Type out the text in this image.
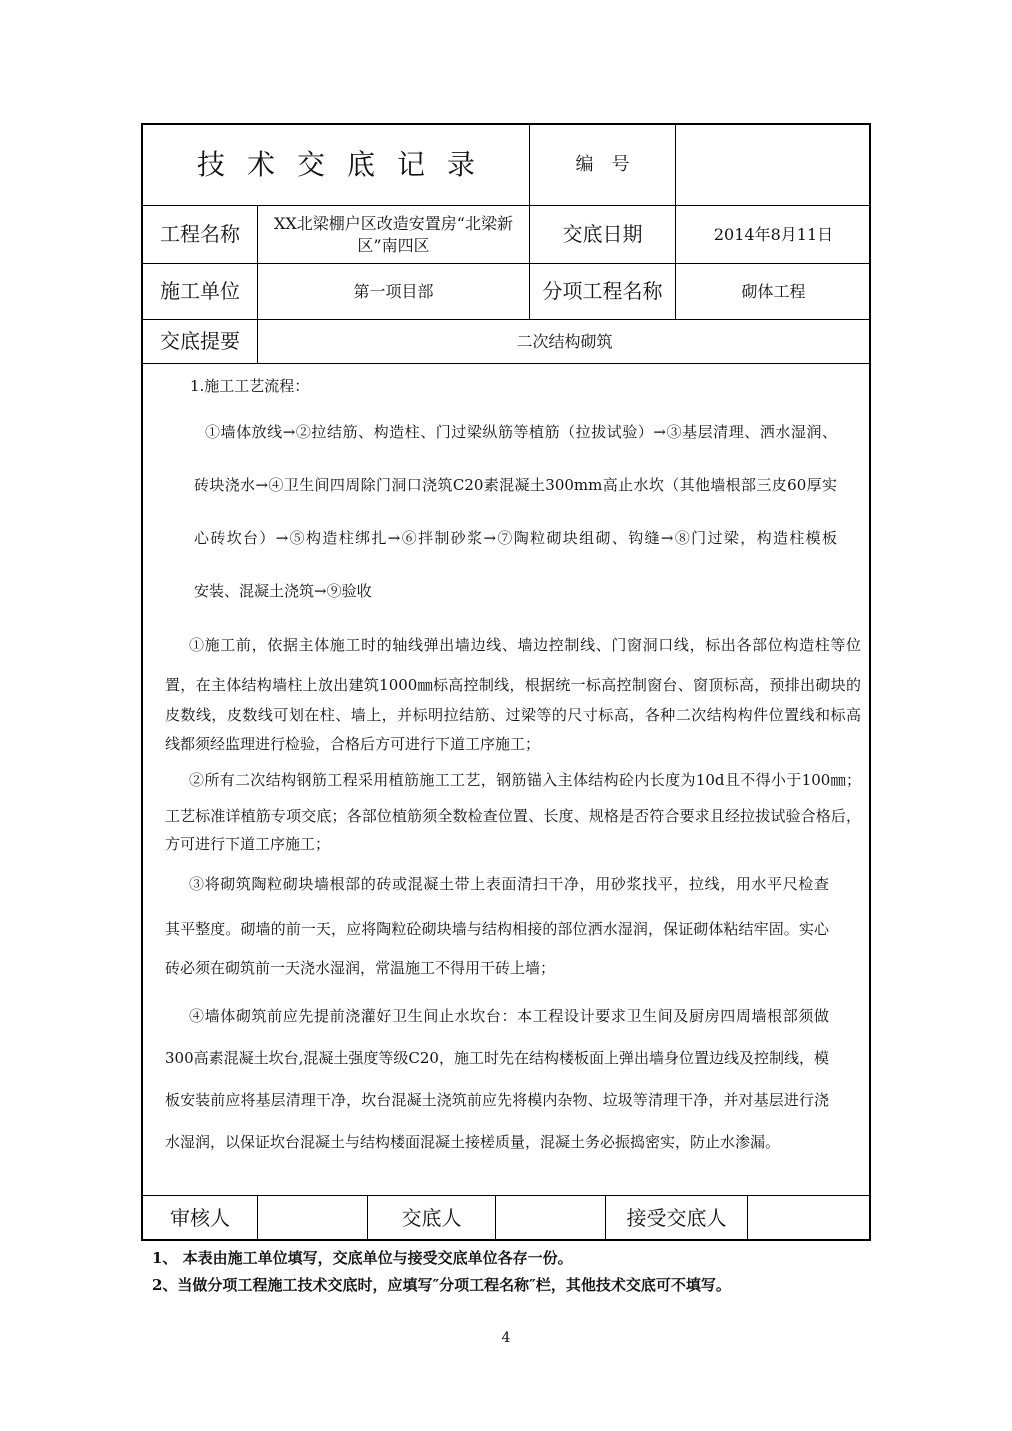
技术交底记录	编　号
工程名称	XX北梁棚户区改造安置房“北梁新区”南四区	交底日期	2014年8月11日
施工单位	第一项目部	分项工程名称	砌体工程
交底提要	二次结构砌筑
1.施工工艺流程：
①墙体放线→②拉结筋、构造柱、门过梁纵筋等植筋（拉拔试验）→③基层清理、洒水湿润、
砖块浇水→④卫生间四周除门洞口浇筑C20素混凝土300mm高止水坎（其他墙根部三皮60厚实
心砖坎台）→⑤构造柱绑扎→⑥拌制砂浆→⑦陶粒砌块组砌、钩缝→⑧门过梁，构造柱模板
安装、混凝土浇筑→⑨验收
①施工前，依据主体施工时的轴线弹出墙边线、墙边控制线、门窗洞口线，标出各部位构造柱等位
置，在主体结构墙柱上放出建筑1000㎜标高控制线，根据统一标高控制窗台、窗顶标高，预排出砌块的
皮数线，皮数线可划在柱、墙上，并标明拉结筋、过梁等的尺寸标高，各种二次结构构件位置线和标高
线都须经监理进行检验，合格后方可进行下道工序施工；
②所有二次结构钢筋工程采用植筋施工工艺，钢筋锚入主体结构砼内长度为10d且不得小于100㎜；
工艺标准详植筋专项交底；各部位植筋须全数检查位置、长度、规格是否符合要求且经拉拔试验合格后，
方可进行下道工序施工；
③将砌筑陶粒砌块墙根部的砖或混凝土带上表面清扫干净，用砂浆找平，拉线，用水平尺检查
其平整度。砌墙的前一天，应将陶粒砼砌块墙与结构相接的部位洒水湿润，保证砌体粘结牢固。实心
砖必须在砌筑前一天浇水湿润，常温施工不得用干砖上墙；
④墙体砌筑前应先提前浇灌好卫生间止水坎台：本工程设计要求卫生间及厨房四周墙根部须做
300高素混凝土坎台,混凝土强度等级C20，施工时先在结构楼板面上弹出墙身位置边线及控制线，模
板安装前应将基层清理干净，坎台混凝土浇筑前应先将模内杂物、垃圾等清理干净，并对基层进行浇
水湿润，以保证坎台混凝土与结构楼面混凝土接槎质量，混凝土务必振捣密实，防止水渗漏。
审核人	交底人	接受交底人
1、 本表由施工单位填写，交底单位与接受交底单位各存一份。
2、当做分项工程施工技术交底时，应填写″分项工程名称″栏，其他技术交底可不填写。
4
